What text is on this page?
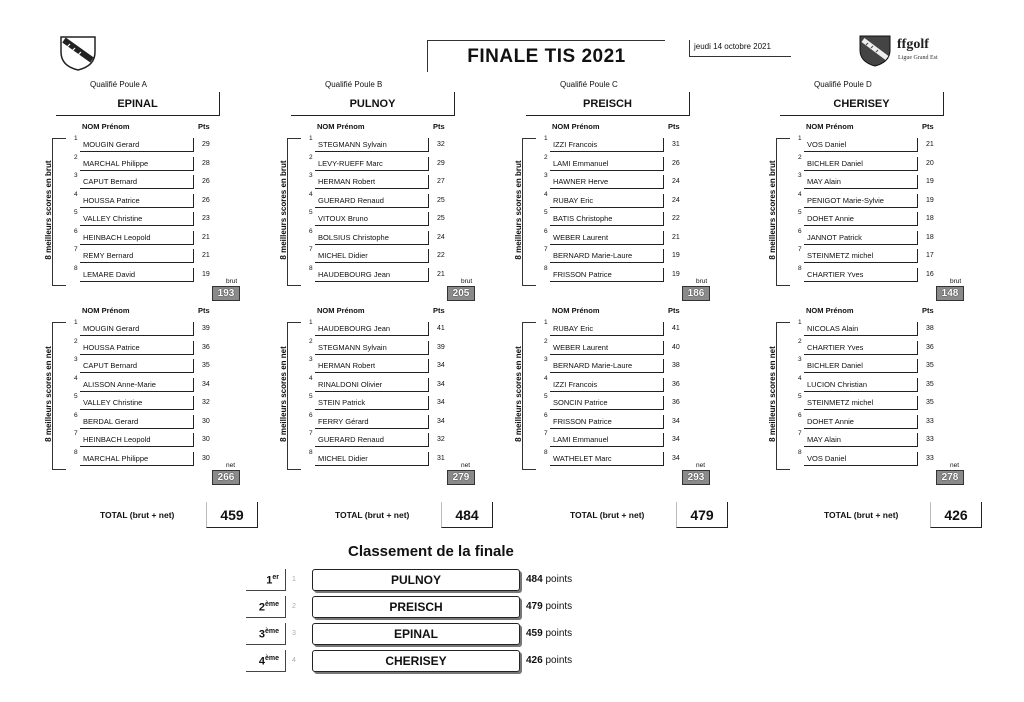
FINALE TIS 2021	jeudi 14 octobre 2021	ffgolf
Ligue Grand Est
Qualifié Poule A
EPINAL
NOM Prénom	Pts
8 meilleurs scores en brut
1
MOUGIN Gerard	29
2
MARCHAL Philippe	28
3
CAPUT Bernard	26
4
HOUSSA Patrice	26
5
VALLEY Christine	23
6
HEINBACH Leopold	21
7
REMY Bernard	21
8
LEMARE David	19
brut
193
NOM Prénom	Pts
8 meilleurs scores en net
1
MOUGIN Gerard	39
2
HOUSSA Patrice	36
3
CAPUT Bernard	35
4
ALISSON Anne-Marie	34
5
VALLEY Christine	32
6
BERDAL Gerard	30
7
HEINBACH Leopold	30
8
MARCHAL Philippe	30
net
266
TOTAL (brut + net)	459
Qualifié Poule B
PULNOY
NOM Prénom	Pts
8 meilleurs scores en brut
1
STEGMANN Sylvain	32
2
LEVY-RUEFF Marc	29
3
HERMAN Robert	27
4
GUERARD Renaud	25
5
VITOUX Bruno	25
6
BOLSIUS Christophe	24
7
MICHEL Didier	22
8
HAUDEBOURG Jean	21
brut
205
NOM Prénom	Pts
8 meilleurs scores en net
1
HAUDEBOURG Jean	41
2
STEGMANN Sylvain	39
3
HERMAN Robert	34
4
RINALDONI Olivier	34
5
STEIN Patrick	34
6
FERRY Gérard	34
7
GUERARD Renaud	32
8
MICHEL Didier	31
net
279
TOTAL (brut + net)	484
Qualifié Poule C
PREISCH
NOM Prénom	Pts
8 meilleurs scores en brut
1
IZZI Francois	31
2
LAMI Emmanuel	26
3
HAWNER Herve	24
4
RUBAY Eric	24
5
BATIS Christophe	22
6
WEBER Laurent	21
7
BERNARD Marie-Laure	19
8
FRISSON Patrice	19
brut
186
NOM Prénom	Pts
8 meilleurs scores en net
1
RUBAY Eric	41
2
WEBER Laurent	40
3
BERNARD Marie-Laure	38
4
IZZI Francois	36
5
SONCIN Patrice	36
6
FRISSON Patrice	34
7
LAMI Emmanuel	34
8
WATHELET Marc	34
net
293
TOTAL (brut + net)	479
Qualifié Poule D
CHERISEY
NOM Prénom	Pts
8 meilleurs scores en brut
1
VOS Daniel	21
2
BICHLER Daniel	20
3
MAY Alain	19
4
PENIGOT Marie-Sylvie	19
5
DOHET Annie	18
6
JANNOT Patrick	18
7
STEINMETZ michel	17
8
CHARTIER Yves	16
brut
148
NOM Prénom	Pts
8 meilleurs scores en net
1
NICOLAS Alain	38
2
CHARTIER Yves	36
3
BICHLER Daniel	35
4
LUCION Christian	35
5
STEINMETZ michel	35
6
DOHET Annie	33
7
MAY Alain	33
8
VOS Daniel	33
net
278
TOTAL (brut + net)	426
Classement de la finale
1er	1	PULNOY	484 points
2ème	2	PREISCH	479 points
3ème	3	EPINAL	459 points
4ème	4	CHERISEY	426 points
